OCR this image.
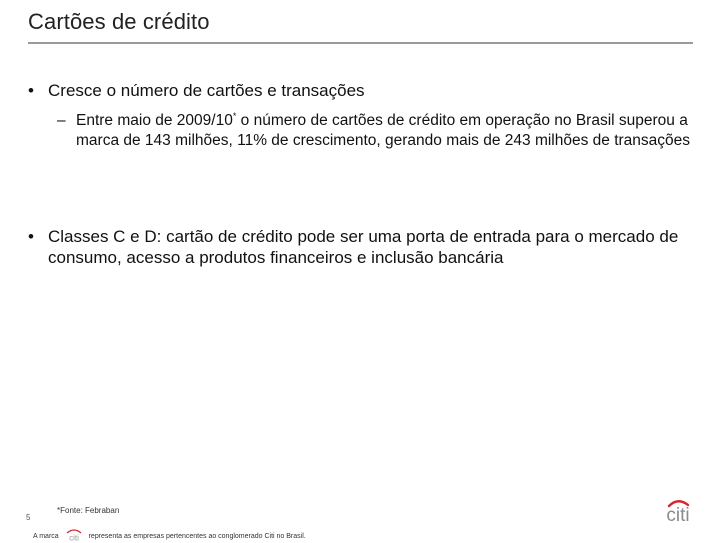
Cartões de crédito
• Cresce o número de cartões e transações
– Entre maio de 2009/10* o número de cartões de crédito em operação no Brasil superou a marca de 143 milhões, 11% de crescimento, gerando mais de 243 milhões de transações
• Classes C e D: cartão de crédito pode ser uma porta de entrada para o mercado de consumo, acesso a produtos financeiros e inclusão bancária
*Fonte: Febraban
5
A marca citi representa as empresas pertencentes ao conglomerado Citi no Brasil.
citi
